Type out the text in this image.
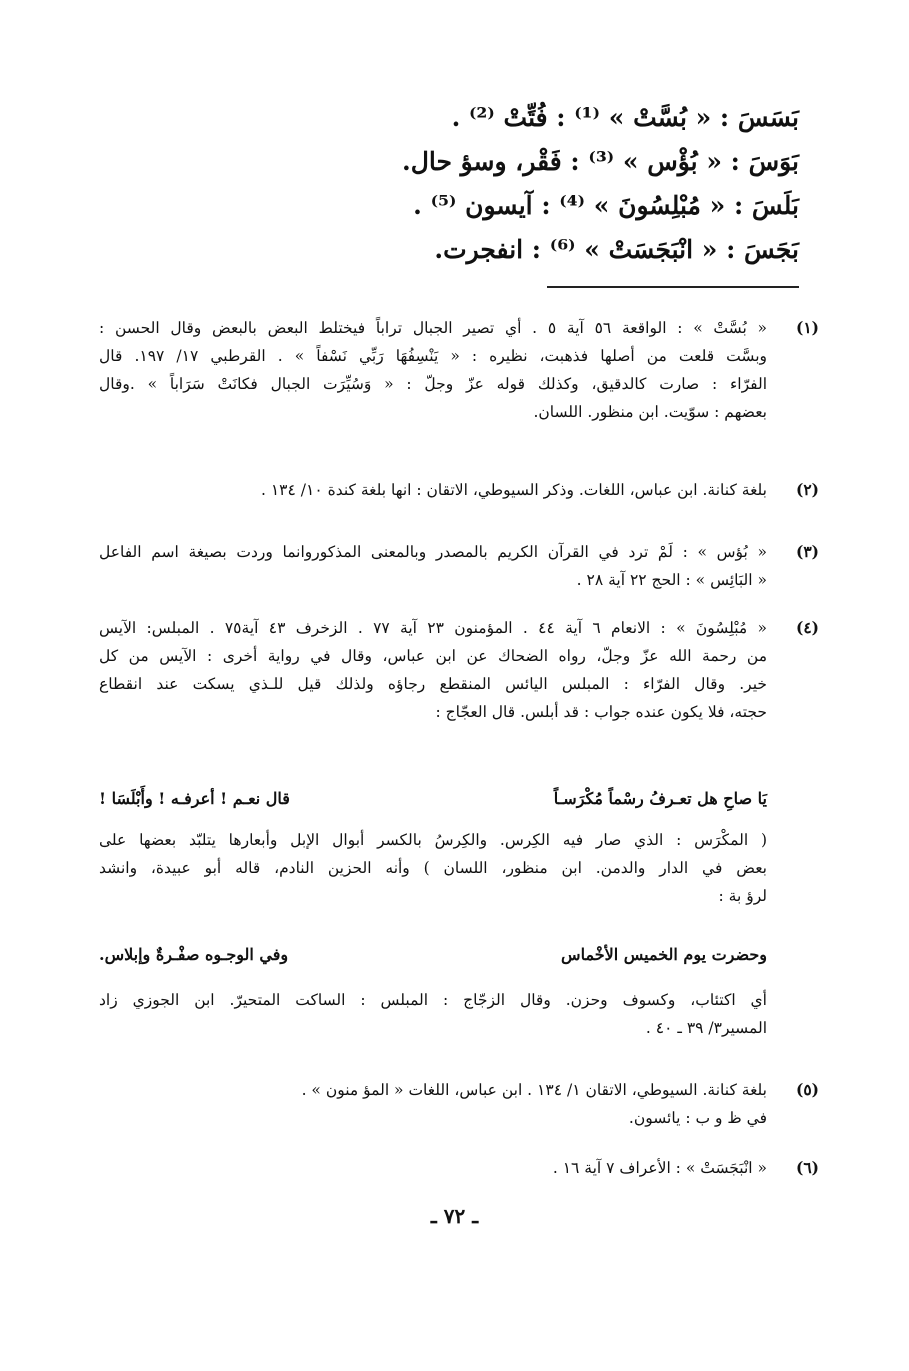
بَسَسَ : « بُسَّتْ » ⁽¹⁾ : فُتِّتْ ⁽²⁾ .
بَوَسَ : « بُؤْس » ⁽³⁾ : فَقْر، وسؤ حال.
بَلَسَ : « مُبْلِسُونَ » ⁽⁴⁾ : آيسون ⁽⁵⁾ .
بَجَسَ : « انْبَجَسَتْ » ⁽⁶⁾ : انفجرت.
(١)
« بُسَّتْ » : الواقعة ٥٦ آية ٥ . أي تصير الجبال تراباً فيختلط البعض بالبعض وقال الحسن :
وبسَّت قلعت من أصلها فذهبت، نظيره : « يَنْسِفُهَا رَبِّي نَسْفاً » . القرطبي ١٧/ ١٩٧. قال
الفرّاء : صارت كالدقيق، وكذلك قوله عزّ وجلّ : « وَسُيِّرَت الجبال فكانَتْ سَرَاباً » .وقال
بعضهم : سوّيت. ابن منظور. اللسان.
(٢)
بلغة كنانة. ابن عباس، اللغات. وذكر السيوطي، الاتقان : انها بلغة كندة ١٠/ ١٣٤ .
(٣)
« بُؤس » : لَمْ ترد في القرآن الكريم بالمصدر وبالمعنى المذكوروانما وردت بصيغة اسم الفاعل
« البَائِس » : الحج ٢٢ آية ٢٨ .
(٤)
« مُبْلِسُونَ » : الانعام ٦ آية ٤٤ . المؤمنون ٢٣ آية ٧٧ . الزخرف ٤٣ آية٧٥ . المبلس: الآيس
من رحمة الله عزّ وجلّ، رواه الضحاك عن ابن عباس، وقال في رواية أخرى : الآيس من كل
خير. وقال الفرّاء : المبلس اليائس المنقطع رجاؤه ولذلك قيل للـذي يسكت عند انقطاع
حجته، فلا يكون عنده جواب : قد أبلس. قال العجّاج :
يَا صاحِ هل تعـرفُ رسْماً مُكْرَسـاً
قال نعـم ! أعرفـه ! وأَبْلَسَا !
( المكْرَس : الذي صار فيه الكِرس. والكِرسُ بالكسر أبوال الإبل وأبعارها يتلبّد بعضها على
بعض في الدار والدمن. ابن منظور، اللسان ) وأنه الحزين النادم، قاله أبو عبيدة، وانشد
لرؤ بة :
وحضرت يوم الخميس الأخْماس
وفي الوجـوه صفْـرةٌ وإبلاس.
أي اكتئاب، وكسوف وحزن. وقال الزجّاج : المبلس : الساكت المتحيرّ. ابن الجوزي زاد
المسير٣/ ٣٩ ـ ٤٠ .
(٥)
بلغة كنانة. السيوطي، الاتقان ١/ ١٣٤ . ابن عباس، اللغات « المؤ منون » .
في ظ و ب : يائسون.
(٦)
« انْبَجَسَتْ » : الأعراف ٧ آية ١٦ .
ـ ٧٢ ـ
